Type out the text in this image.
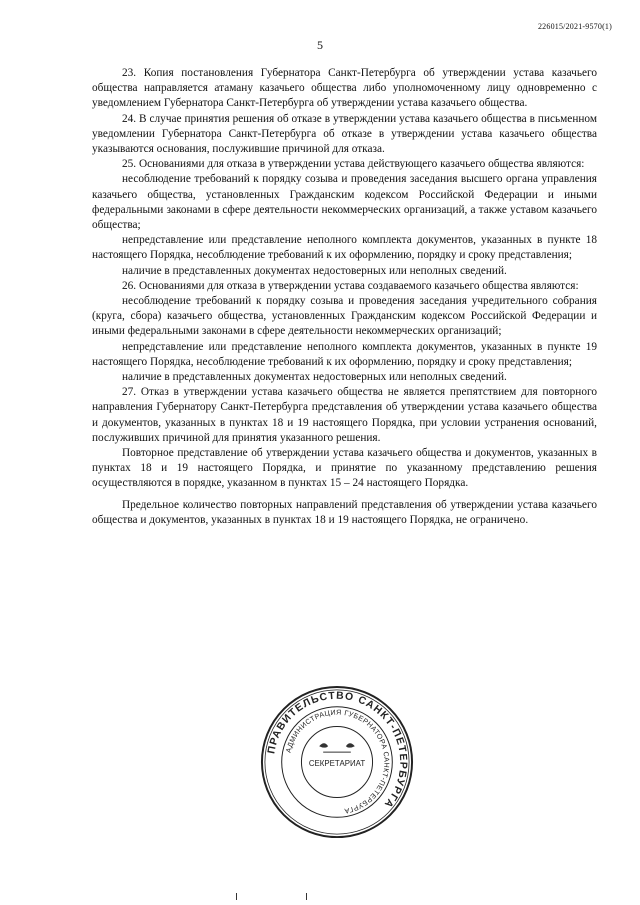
226015/2021-9570(1)
5

23. Копия постановления Губернатора Санкт-Петербурга об утверждении устава казачьего общества направляется атаману казачьего общества либо уполномоченному лицу одновременно с уведомлением Губернатора Санкт-Петербурга об утверждении устава казачьего общества.

24. В случае принятия решения об отказе в утверждении устава казачьего общества в письменном уведомлении Губернатора Санкт-Петербурга об отказе в утверждении устава казачьего общества указываются основания, послужившие причиной для отказа.

25. Основаниями для отказа в утверждении устава действующего казачьего общества являются:

несоблюдение требований к порядку созыва и проведения заседания высшего органа управления казачьего общества, установленных Гражданским кодексом Российской Федерации и иными федеральными законами в сфере деятельности некоммерческих организаций, а также уставом казачьего общества;

непредставление или представление неполного комплекта документов, указанных в пункте 18 настоящего Порядка, несоблюдение требований к их оформлению, порядку и сроку представления;

наличие в представленных документах недостоверных или неполных сведений.

26. Основаниями для отказа в утверждении устава создаваемого казачьего общества являются:

несоблюдение требований к порядку созыва и проведения заседания учредительного собрания (круга, сбора) казачьего общества, установленных Гражданским кодексом Российской Федерации и иными федеральными законами в сфере деятельности некоммерческих организаций;

непредставление или представление неполного комплекта документов, указанных в пункте 19 настоящего Порядка, несоблюдение требований к их оформлению, порядку и сроку представления;

наличие в представленных документах недостоверных или неполных сведений.

27. Отказ в утверждении устава казачьего общества не является препятствием для повторного направления Губернатору Санкт-Петербурга представления об утверждении устава казачьего общества и документов, указанных в пунктах 18 и 19 настоящего Порядка, при условии устранения оснований, послуживших причиной для принятия указанного решения.

Повторное представление об утверждении устава казачьего общества и документов, указанных в пунктах 18 и 19 настоящего Порядка, и принятие по указанному представлению решения осуществляются в порядке, указанном в пунктах 15 – 24 настоящего Порядка.

Предельное количество повторных направлений представления об утверждении устава казачьего общества и документов, указанных в пунктах 18 и 19 настоящего Порядка, не ограничено.

ПРАВИТЕЛЬСТВО САНКТ-ПЕТЕРБУРГА
АДМИНИСТРАЦИЯ ГУБЕРНАТОРА САНКТ-ПЕТЕРБУРГА
СЕКРЕТАРИАТ
